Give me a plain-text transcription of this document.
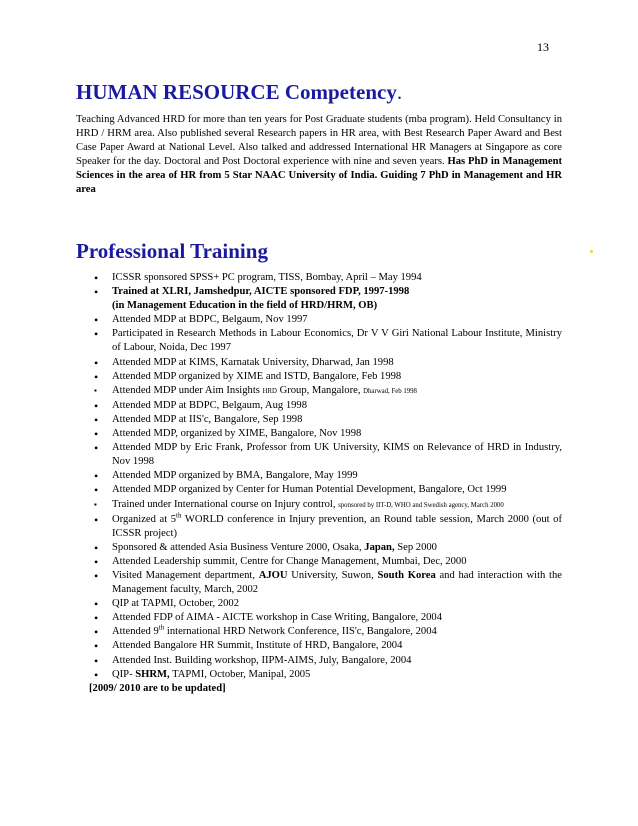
13
HUMAN RESOURCE Competency.

Teaching Advanced HRD for more than ten years for Post Graduate students (mba program). Held Consultancy in HRD / HRM area. Also published several Research papers in HR area, with Best Research Paper Award and Best Case Paper Award at National Level. Also talked and addressed International HR Managers at Singapore as core Speaker for the day. Doctoral and Post Doctoral experience with nine and seven years. Has PhD in Management Sciences in the area of HR from 5 Star NAAC University of India. Guiding 7 PhD in Management and HR area

Professional Training
• ICSSR sponsored SPSS+ PC program, TISS, Bombay, April – May 1994
• Trained at XLRI, Jamshedpur, AICTE sponsored FDP, 1997-1998
(in Management Education in the field of HRD/HRM, OB)
• Attended MDP at BDPC, Belgaum, Nov 1997
• Participated in Research Methods in Labour Economics, Dr V V Giri National Labour Institute, Ministry of Labour, Noida, Dec 1997
• Attended MDP at KIMS, Karnatak University, Dharwad, Jan 1998
• Attended MDP organized by XIME and ISTD, Bangalore, Feb 1998
▪ Attended MDP under Aim Insights HRD Group, Mangalore, Dharwad, Feb 1998
• Attended MDP at BDPC, Belgaum, Aug 1998
• Attended MDP at IIS'c, Bangalore, Sep 1998
• Attended MDP, organized by XIME, Bangalore, Nov 1998
• Attended MDP by Eric Frank, Professor from UK University, KIMS on Relevance of HRD in Industry, Nov 1998
• Attended MDP organized by BMA, Bangalore, May 1999
• Attended MDP organized by Center for Human Potential Development, Bangalore, Oct 1999
▪ Trained under International course on Injury control, sponsored by IIT-D, WHO and Swedish agency, March 2000
• Organized at 5th WORLD conference in Injury prevention, an Round table session, March 2000 (out of ICSSR project)
• Sponsored & attended Asia Business Venture 2000, Osaka, Japan, Sep 2000
• Attended Leadership summit, Centre for Change Management, Mumbai, Dec, 2000
• Visited Management department, AJOU University, Suwon, South Korea and had interaction with the Management faculty, March, 2002
• QIP at TAPMI, October, 2002
• Attended FDP of AIMA - AICTE workshop in Case Writing, Bangalore, 2004
• Attended 9th international HRD Network Conference, IIS'c, Bangalore, 2004
• Attended Bangalore HR Summit, Institute of HRD, Bangalore, 2004
• Attended Inst. Building workshop, IIPM-AIMS, July, Bangalore, 2004
• QIP- SHRM, TAPMI, October, Manipal, 2005
[2009/ 2010 are to be updated]
